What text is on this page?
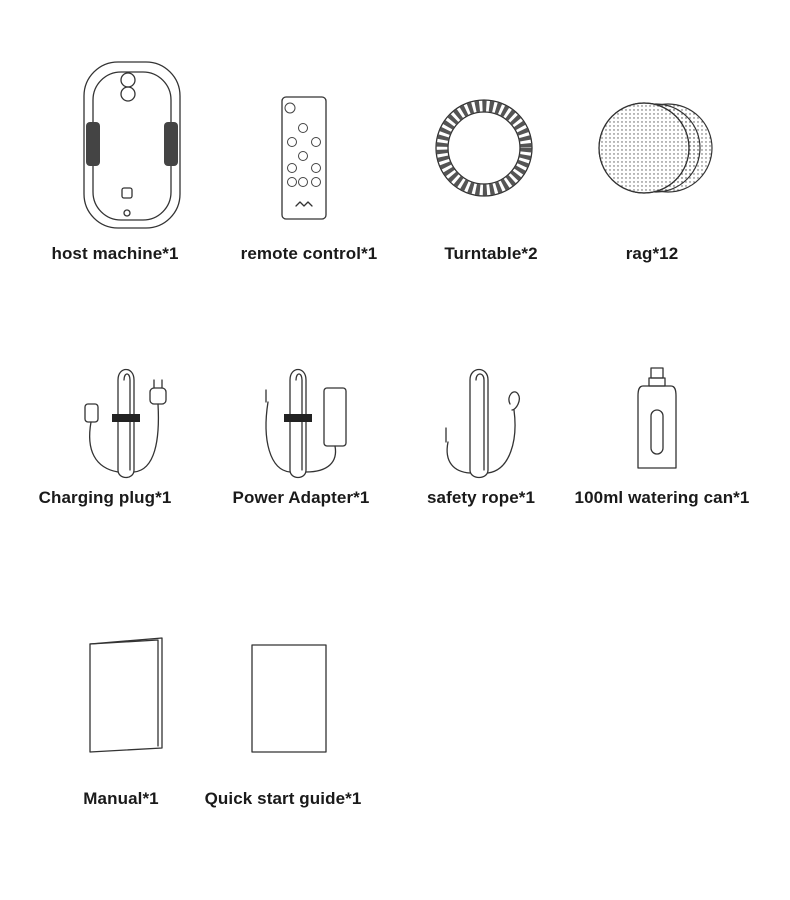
host machine*1	remote control*1	Turntable*2	rag*12
Charging plug*1	Power Adapter*1	safety rope*1 100ml watering can*1
Manual*1	Quick start guide*1
